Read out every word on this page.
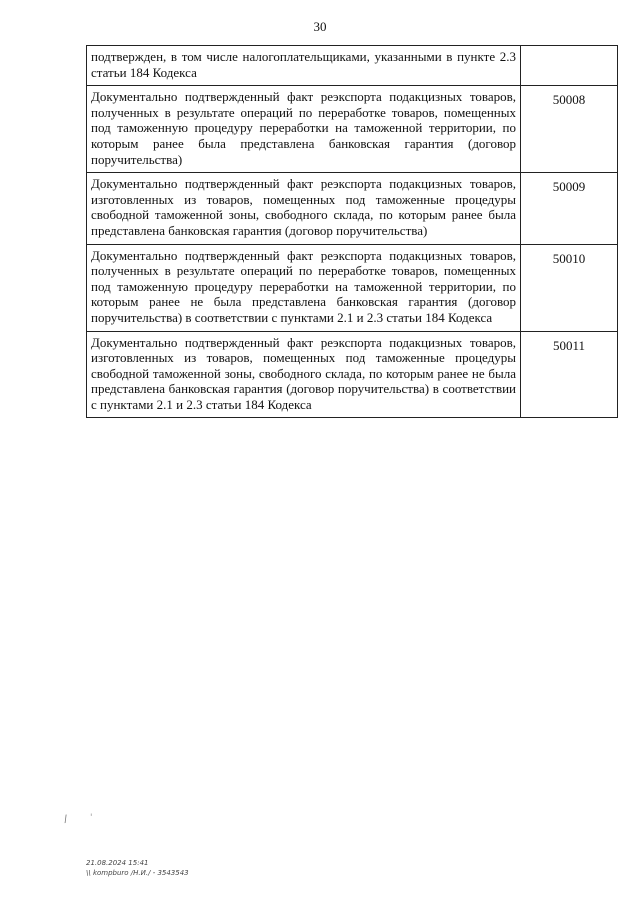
30
подтвержден, в том числе налогоплательщиками, указанными в пункте 2.3 статьи 184 Кодекса	
Документально подтвержденный факт реэкспорта подакцизных товаров, полученных в результате операций по переработке товаров, помещенных под таможенную процедуру переработки на таможенной территории, по которым ранее была представлена банковская гарантия (договор поручительства)	50008
Документально подтвержденный факт реэкспорта подакцизных товаров, изготовленных из товаров, помещенных под таможенные процедуры свободной таможенной зоны, свободного склада, по которым ранее была представлена банковская гарантия (договор поручительства)	50009
Документально подтвержденный факт реэкспорта подакцизных товаров, полученных в результате операций по переработке товаров, помещенных под таможенную процедуру переработки на таможенной территории, по которым ранее не была представлена банковская гарантия (договор поручительства) в соответствии с пунктами 2.1 и 2.3 статьи 184 Кодекса	50010
Документально подтвержденный факт реэкспорта подакцизных товаров, изготовленных из товаров, помещенных под таможенные процедуры свободной таможенной зоны, свободного склада, по которым ранее не была представлена банковская гарантия (договор поручительства) в соответствии с пунктами 2.1 и 2.3 статьи 184 Кодекса	50011
/ '
21.08.2024 15:41
\\ kompburo /Н.И./ - 3543543
